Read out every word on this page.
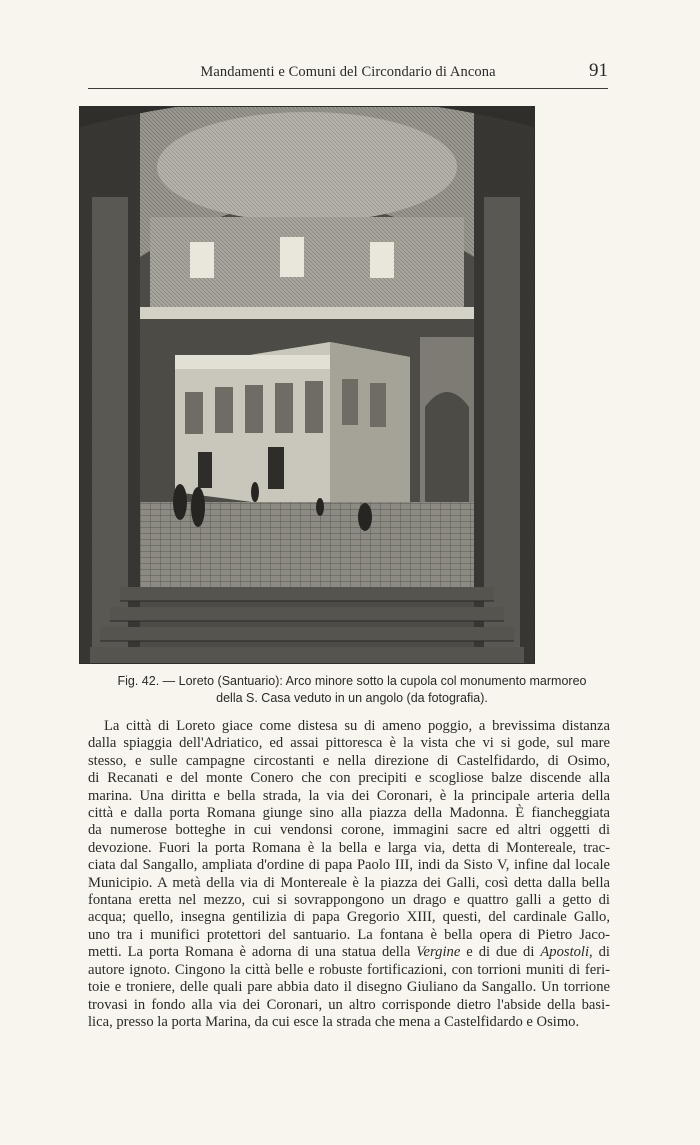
Mandamenti e Comuni del Circondario di Ancona	91
Fig. 42. — Loreto (Santuario): Arco minore sotto la cupola col monumento marmoreo
della S. Casa veduto in un angolo (da fotografia).
La città di Loreto giace come distesa su di ameno poggio, a brevissima distanza
dalla spiaggia dell'Adriatico, ed assai pittoresca è la vista che vi si gode, sul mare
stesso, e sulle campagne circostanti e nella direzione di Castelfidardo, di Osimo,
di Recanati e del monte Conero che con precipiti e scogliose balze discende alla
marina. Una diritta e bella strada, la via dei Coronari, è la principale arteria della
città e dalla porta Romana giunge sino alla piazza della Madonna. È fiancheggiata
da numerose botteghe in cui vendonsi corone, immagini sacre ed altri oggetti di
devozione. Fuori la porta Romana è la bella e larga via, detta di Montereale, trac-
ciata dal Sangallo, ampliata d'ordine di papa Paolo III, indi da Sisto V, infine dal locale
Municipio. A metà della via di Montereale è la piazza dei Galli, così detta dalla bella
fontana eretta nel mezzo, cui si sovrappongono un drago e quattro galli a getto di
acqua; quello, insegna gentilizia di papa Gregorio XIII, questi, del cardinale Gallo,
uno tra i munifici protettori del santuario. La fontana è bella opera di Pietro Jaco-
metti. La porta Romana è adorna di una statua della Vergine e di due di Apostoli, di
autore ignoto. Cingono la città belle e robuste fortificazioni, con torrioni muniti di feri-
toie e troniere, delle quali pare abbia dato il disegno Giuliano da Sangallo. Un torrione
trovasi in fondo alla via dei Coronari, un altro corrisponde dietro l'abside della basi-
lica, presso la porta Marina, da cui esce la strada che mena a Castelfidardo e Osimo.
